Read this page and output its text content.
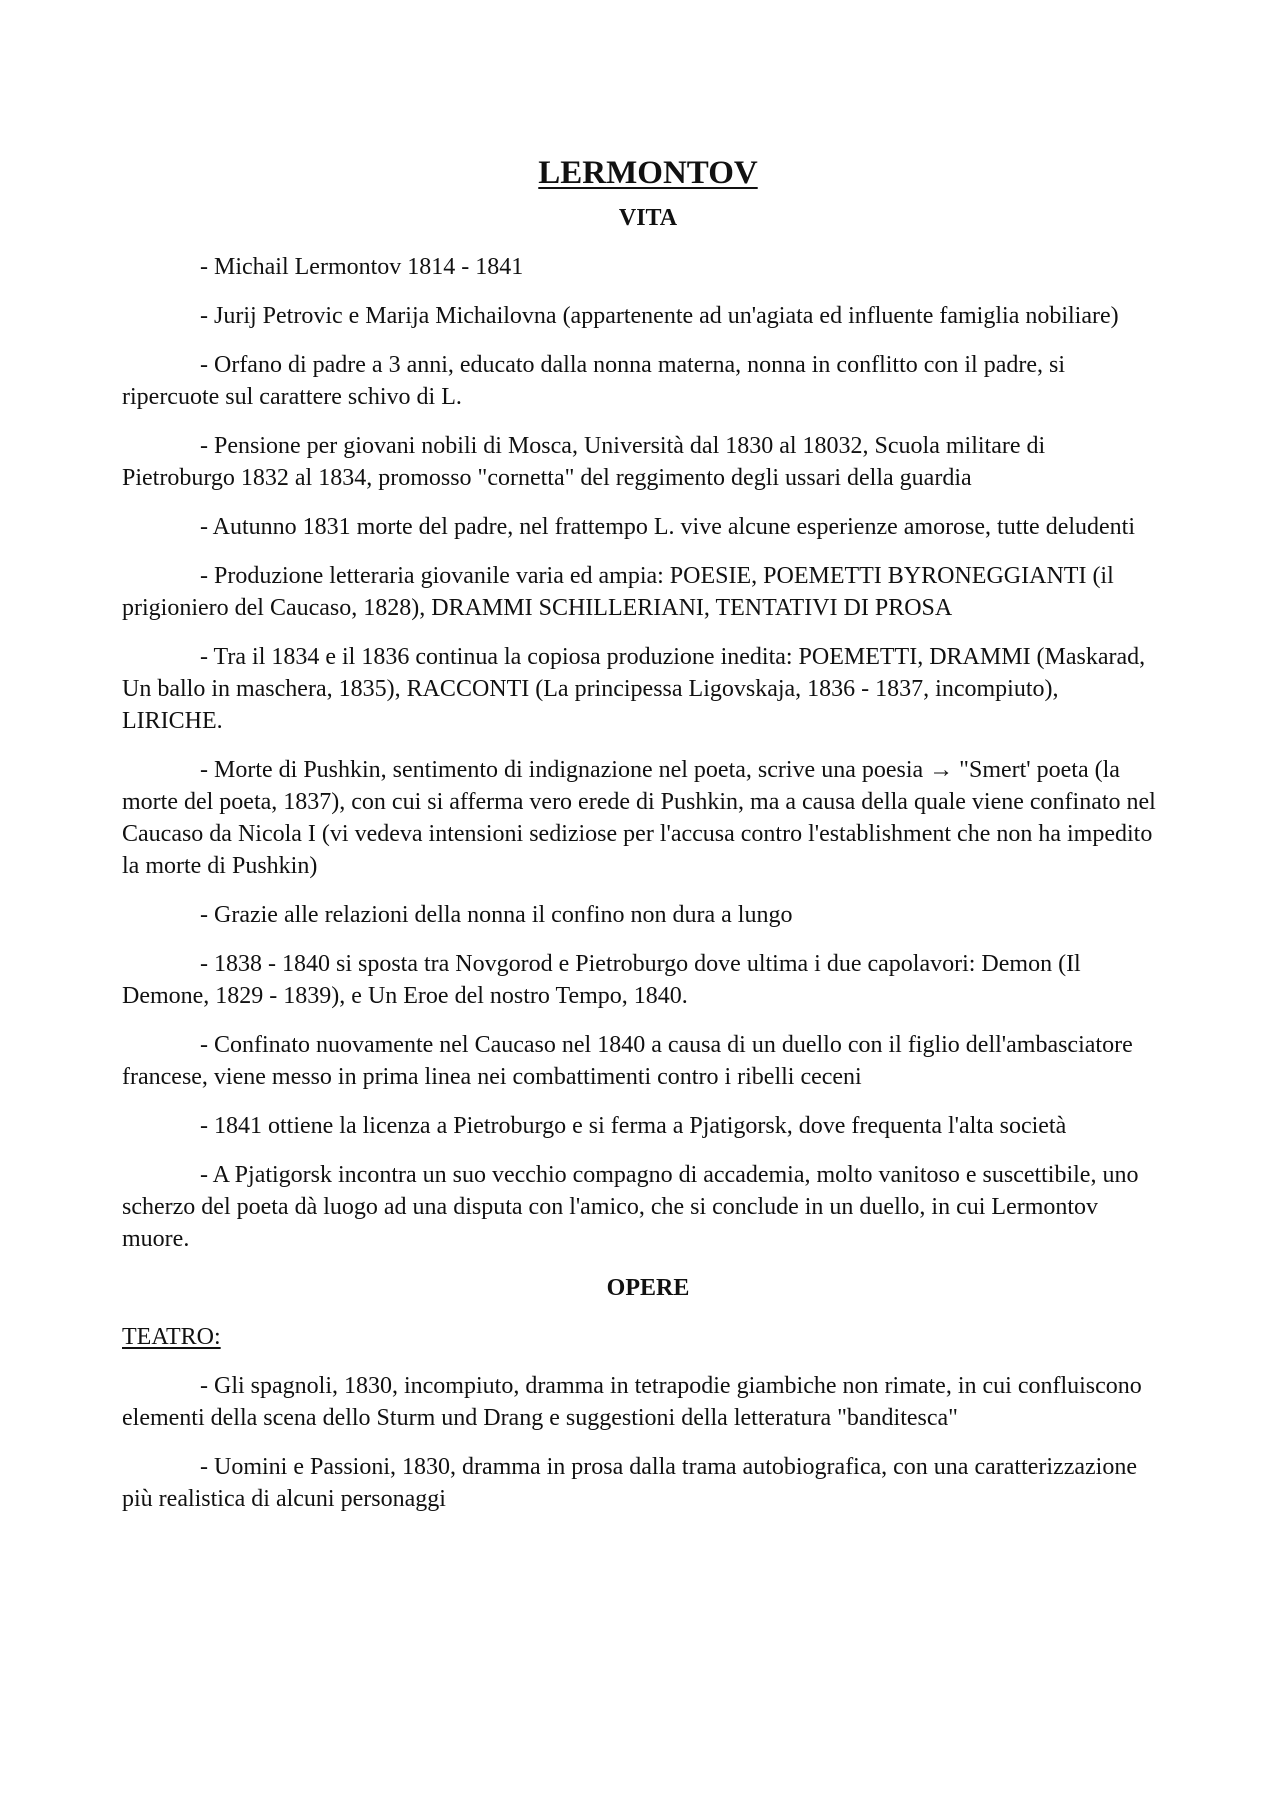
LERMONTOV
VITA

- Michail Lermontov 1814 - 1841

- Jurij Petrovic e Marija Michailovna (appartenente ad un'agiata ed influente famiglia nobiliare)

- Orfano di padre a 3 anni, educato dalla nonna materna, nonna in conflitto con il padre, si ripercuote sul carattere schivo di L.

- Pensione per giovani nobili di Mosca, Università dal 1830 al 18032, Scuola militare di Pietroburgo 1832 al 1834, promosso "cornetta" del reggimento degli ussari della guardia

- Autunno 1831 morte del padre, nel frattempo L. vive alcune esperienze amorose, tutte deludenti

- Produzione letteraria giovanile varia ed ampia: POESIE, POEMETTI BYRONEGGIANTI (il prigioniero del Caucaso, 1828), DRAMMI SCHILLERIANI, TENTATIVI DI PROSA

- Tra il 1834 e il 1836 continua la copiosa produzione inedita: POEMETTI, DRAMMI (Maskarad, Un ballo in maschera, 1835), RACCONTI (La principessa Ligovskaja, 1836 - 1837, incompiuto), LIRICHE.

- Morte di Pushkin, sentimento di indignazione nel poeta, scrive una poesia → "Smert' poeta (la morte del poeta, 1837), con cui si afferma vero erede di Pushkin, ma a causa della quale viene confinato nel Caucaso da Nicola I (vi vedeva intensioni sediziose per l'accusa contro l'establishment che non ha impedito la morte di Pushkin)

- Grazie alle relazioni della nonna il confino non dura a lungo

- 1838 - 1840 si sposta tra Novgorod e Pietroburgo dove ultima i due capolavori: Demon (Il Demone, 1829 - 1839), e Un Eroe del nostro Tempo, 1840.

- Confinato nuovamente nel Caucaso nel 1840 a causa di un duello con il figlio dell'ambasciatore francese, viene messo in prima linea nei combattimenti contro i ribelli ceceni

- 1841 ottiene la licenza a Pietroburgo e si ferma a Pjatigorsk, dove frequenta l'alta società

- A Pjatigorsk incontra un suo vecchio compagno di accademia, molto vanitoso e suscettibile, uno scherzo del poeta dà luogo ad una disputa con l'amico, che si conclude in un duello, in cui Lermontov muore.

OPERE
TEATRO:

- Gli spagnoli, 1830, incompiuto, dramma in tetrapodie giambiche non rimate, in cui confluiscono elementi della scena dello Sturm und Drang e suggestioni della letteratura "banditesca"

- Uomini e Passioni, 1830, dramma in prosa dalla trama autobiografica, con una caratterizzazione più realistica di alcuni personaggi
